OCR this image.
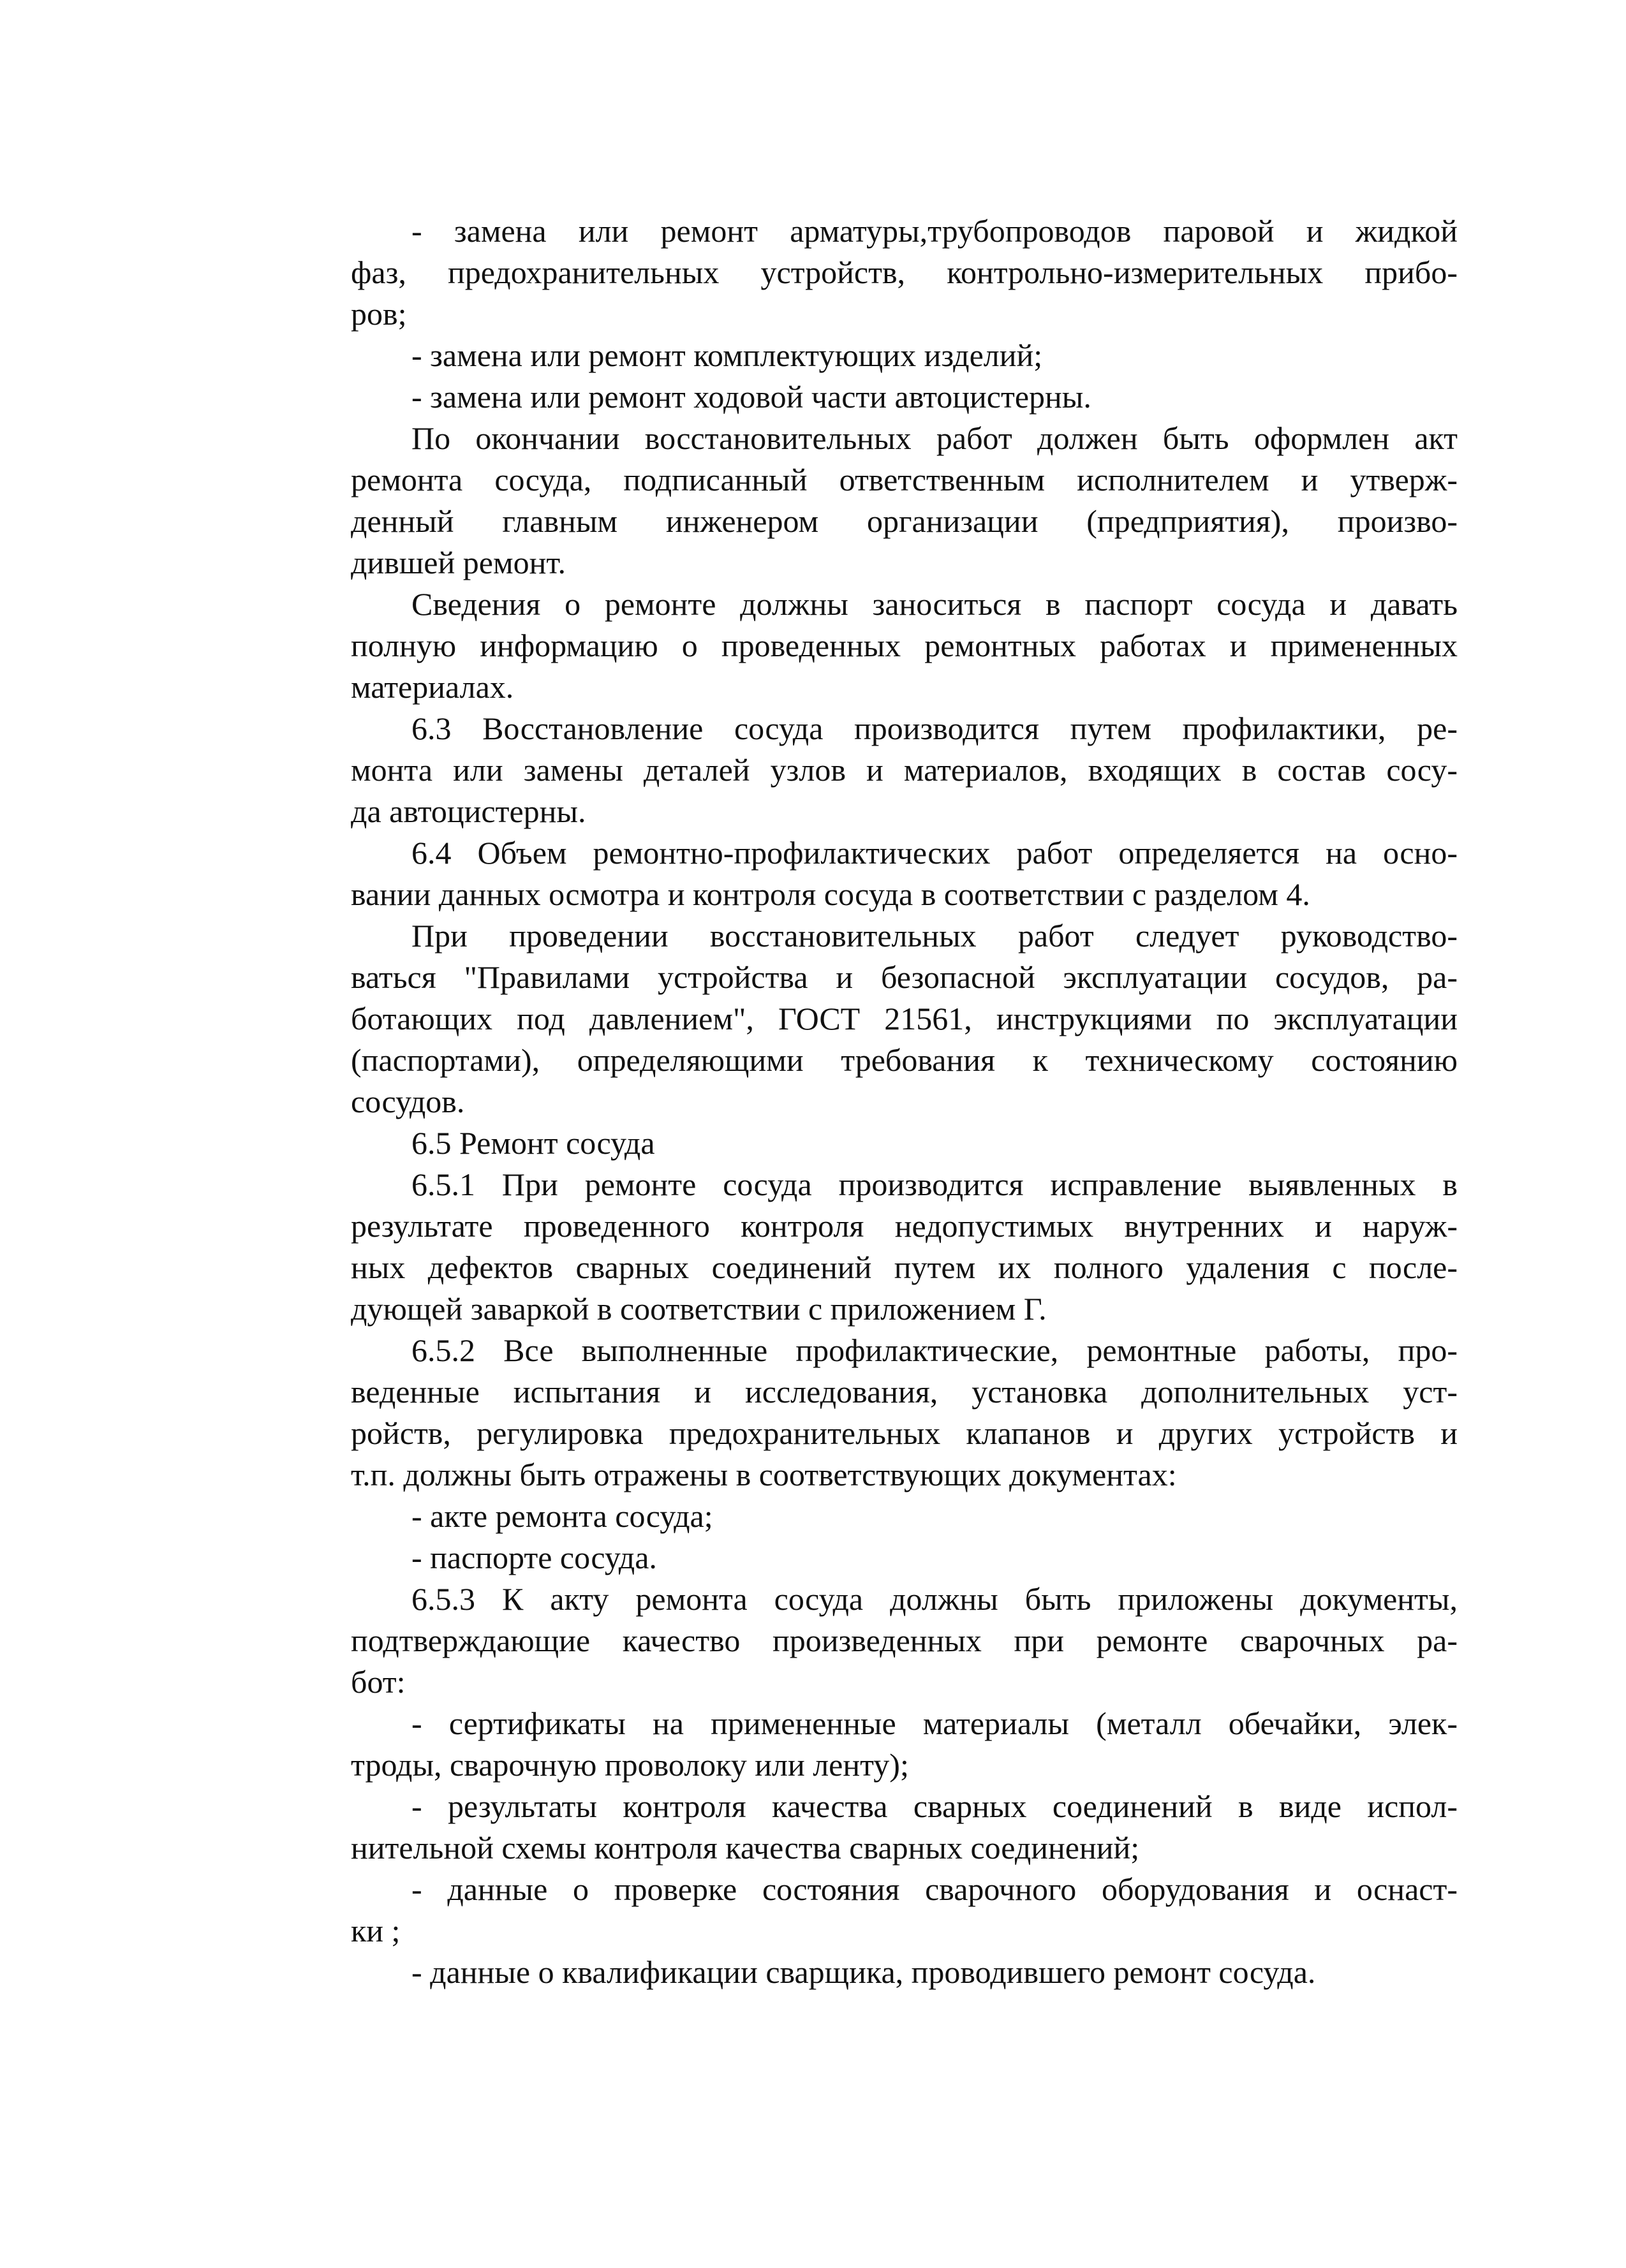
- замена или ремонт арматуры,трубопроводов паровой и жидкой
фаз, предохранительных устройств, контрольно-измерительных прибо-
ров;
- замена или ремонт комплектующих изделий;
- замена или ремонт ходовой части автоцистерны.
По окончании восстановительных работ должен быть оформлен акт
ремонта сосуда, подписанный ответственным исполнителем и утверж-
денный главным инженером организации (предприятия), произво-
дившей ремонт.
Сведения о ремонте должны заноситься в паспорт сосуда и давать
полную информацию о проведенных ремонтных работах и примененных
материалах.
6.3 Восстановление сосуда производится путем профилактики, ре-
монта или замены деталей узлов и материалов, входящих в состав сосу-
да автоцистерны.
6.4 Объем ремонтно-профилактических работ определяется на осно-
вании данных осмотра и контроля сосуда в соответствии с разделом 4.
При проведении восстановительных работ следует руководство-
ваться "Правилами устройства и безопасной эксплуатации сосудов, ра-
ботающих под давлением", ГОСТ 21561, инструкциями по эксплуатации
(паспортами), определяющими требования к техническому состоянию
сосудов.
6.5 Ремонт сосуда
6.5.1 При ремонте сосуда производится исправление выявленных в
результате проведенного контроля недопустимых внутренних и наруж-
ных дефектов сварных соединений путем их полного удаления с после-
дующей заваркой в соответствии с приложением Г.
6.5.2 Все выполненные профилактические, ремонтные работы, про-
веденные испытания и исследования, установка дополнительных уст-
ройств, регулировка предохранительных клапанов и других устройств и
т.п. должны быть отражены в соответствующих документах:
- акте ремонта сосуда;
- паспорте сосуда.
6.5.3 К акту ремонта сосуда должны быть приложены документы,
подтверждающие качество произведенных при ремонте сварочных ра-
бот:
- сертификаты на примененные материалы (металл обечайки, элек-
троды, сварочную проволоку или ленту);
- результаты контроля качества сварных соединений в виде испол-
нительной схемы контроля качества сварных соединений;
- данные о проверке состояния сварочного оборудования и оснаст-
ки ;
- данные о квалификации сварщика, проводившего ремонт сосуда.
